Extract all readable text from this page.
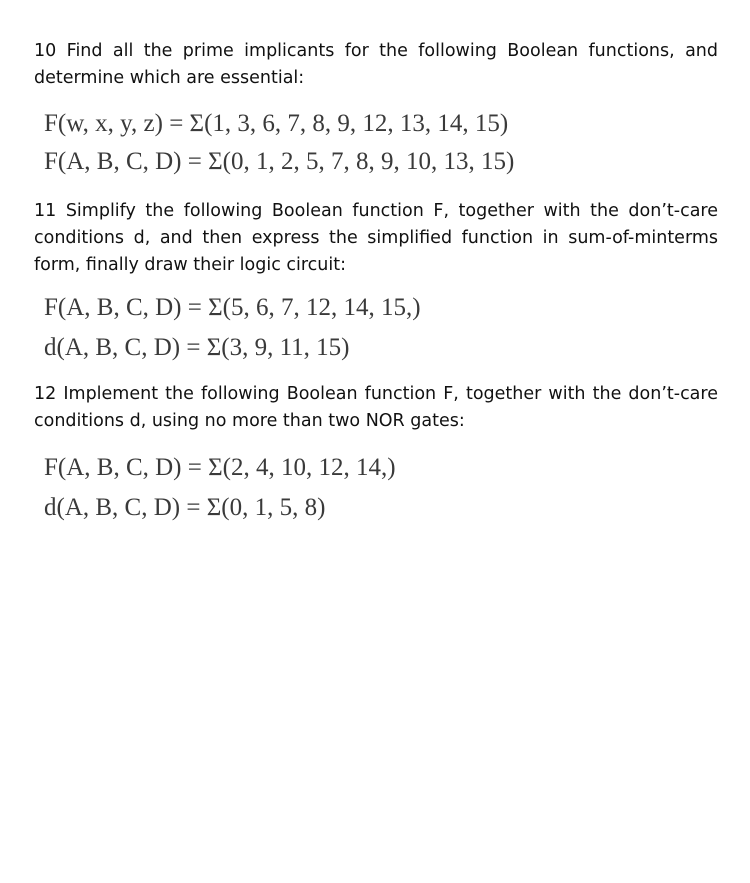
10 Find all the prime implicants for the following Boolean functions, and determine which are essential:

F(w, x, y, z) = Σ(1, 3, 6, 7, 8, 9, 12, 13, 14, 15)

F(A, B, C, D) = Σ(0, 1, 2, 5, 7, 8, 9, 10, 13, 15)

11 Simplify the following Boolean function F, together with the don’t-care conditions d, and then express the simplified function in sum-of-minterms form, finally draw their logic circuit:

F(A, B, C, D) = Σ(5, 6, 7, 12, 14, 15,)

d(A, B, C, D) = Σ(3, 9, 11, 15)

12 Implement the following Boolean function F, together with the don’t-care conditions d, using no more than two NOR gates:

F(A, B, C, D) = Σ(2, 4, 10, 12, 14,)

d(A, B, C, D) = Σ(0, 1, 5, 8)
